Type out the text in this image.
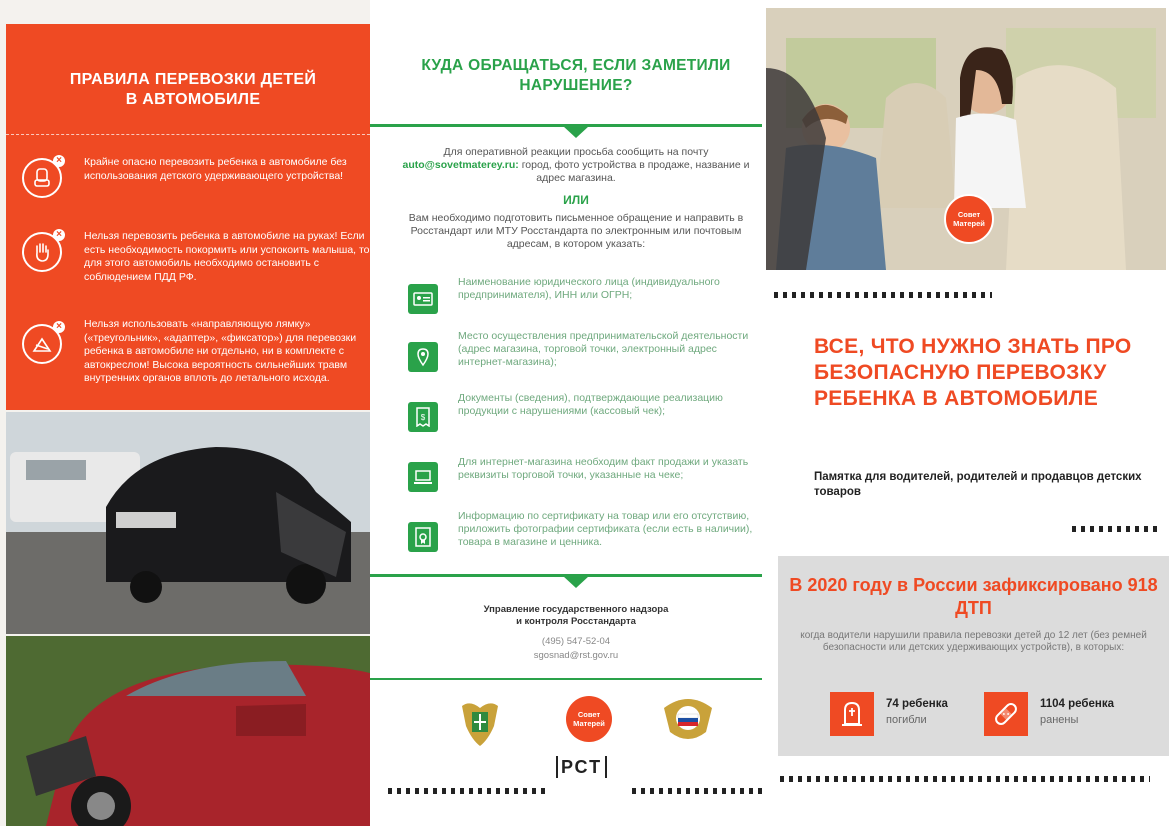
ПРАВИЛА ПЕРЕВОЗКИ ДЕТЕЙ
В АВТОМОБИЛЕ
× Крайне опасно перевозить ребенка в автомобиле без использования детского удерживающего устройства!
× Нельзя перевозить ребенка в автомобиле на руках! Если есть необходимость покормить или успокоить малыша, то для этого автомобиль необходимо остановить с соблюдением ПДД РФ.
× Нельзя использовать «направляющую лямку» («треугольник», «адаптер», «фиксатор») для перевозки ребенка в автомобиле ни отдельно, ни в комплекте с автокреслом! Высока вероятность сильнейших травм внутренних органов вплоть до летального исхода.
КУДА ОБРАЩАТЬСЯ, ЕСЛИ ЗАМЕТИЛИ
НАРУШЕНИЕ?
Для оперативной реакции просьба сообщить на почту
auto@sovetmaterey.ru: город, фото устройства в продаже, название и адрес магазина.
ИЛИ
Вам необходимо подготовить письменное обращение и направить в Росстандарт или МТУ Росстандарта по электронным или почтовым адресам, в котором указать:
Наименование юридического лица (индивидуального предпринимателя), ИНН или ОГРН;
Место осуществления предпринимательской деятельности (адрес магазина, торговой точки, электронный адрес интернет-магазина);
$
Документы (сведения), подтверждающие реализацию продукции с нарушениями (кассовый чек);
Для интернет-магазина необходим факт продажи и указать реквизиты торговой точки, указанные на чеке;
Информацию по сертификату на товар или его отсутствию, приложить фотографии сертификата (если есть в наличии), товара в магазине и ценника.
Управление государственного надзора
и контроля Росстандарта
(495) 547-52-04
sgosnad@rst.gov.ru
Совет Матерей
РСТ
Совет Матерей
ВСЕ, ЧТО НУЖНО ЗНАТЬ ПРО БЕЗОПАСНУЮ ПЕРЕВОЗКУ РЕБЕНКА В АВТОМОБИЛЕ
Памятка для водителей, родителей и продавцов детских товаров
В 2020 году в России зафиксировано 918 ДТП
когда водители нарушили правила перевозки детей до 12 лет (без ремней безопасности или детских удерживающих устройств), в которых:
74 ребенка
погибли
1104 ребенка
ранены
